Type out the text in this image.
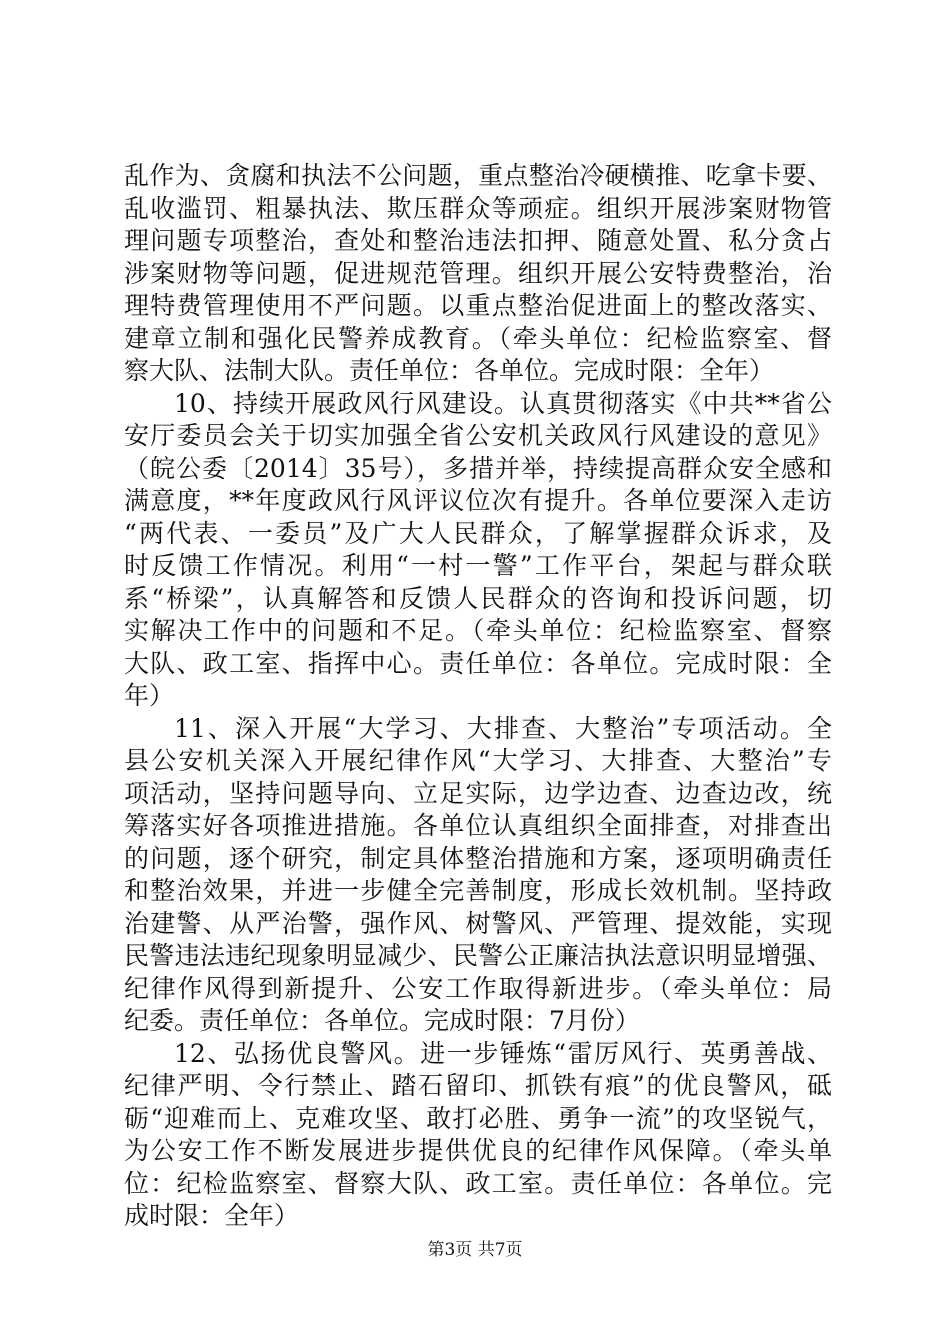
乱作为、贪腐和执法不公问题，重点整治冷硬横推、吃拿卡要、
乱收滥罚、粗暴执法、欺压群众等顽症。组织开展涉案财物管
理问题专项整治，查处和整治违法扣押、随意处置、私分贪占
涉案财物等问题，促进规范管理。组织开展公安特费整治，治
理特费管理使用不严问题。以重点整治促进面上的整改落实、
建章立制和强化民警养成教育。（牵头单位：纪检监察室、督
察大队、法制大队。责任单位：各单位。完成时限：全年）
10、持续开展政风行风建设。认真贯彻落实《中共**省公
安厅委员会关于切实加强全省公安机关政风行风建设的意见》
（皖公委〔2014〕35号），多措并举，持续提高群众安全感和
满意度，**年度政风行风评议位次有提升。各单位要深入走访
“两代表、一委员”及广大人民群众，了解掌握群众诉求，及
时反馈工作情况。利用“一村一警”工作平台，架起与群众联
系“桥梁”，认真解答和反馈人民群众的咨询和投诉问题，切
实解决工作中的问题和不足。（牵头单位：纪检监察室、督察
大队、政工室、指挥中心。责任单位：各单位。完成时限：全
年）
11、深入开展“大学习、大排查、大整治”专项活动。全
县公安机关深入开展纪律作风“大学习、大排查、大整治”专
项活动，坚持问题导向、立足实际，边学边查、边查边改，统
筹落实好各项推进措施。各单位认真组织全面排查，对排查出
的问题，逐个研究，制定具体整治措施和方案，逐项明确责任
和整治效果，并进一步健全完善制度，形成长效机制。坚持政
治建警、从严治警，强作风、树警风、严管理、提效能，实现
民警违法违纪现象明显减少、民警公正廉洁执法意识明显增强、
纪律作风得到新提升、公安工作取得新进步。（牵头单位：局
纪委。责任单位：各单位。完成时限：7月份）
12、弘扬优良警风。进一步锤炼“雷厉风行、英勇善战、
纪律严明、令行禁止、踏石留印、抓铁有痕”的优良警风，砥
砺“迎难而上、克难攻坚、敢打必胜、勇争一流”的攻坚锐气，
为公安工作不断发展进步提供优良的纪律作风保障。（牵头单
位：纪检监察室、督察大队、政工室。责任单位：各单位。完
成时限：全年）
第3页 共7页
